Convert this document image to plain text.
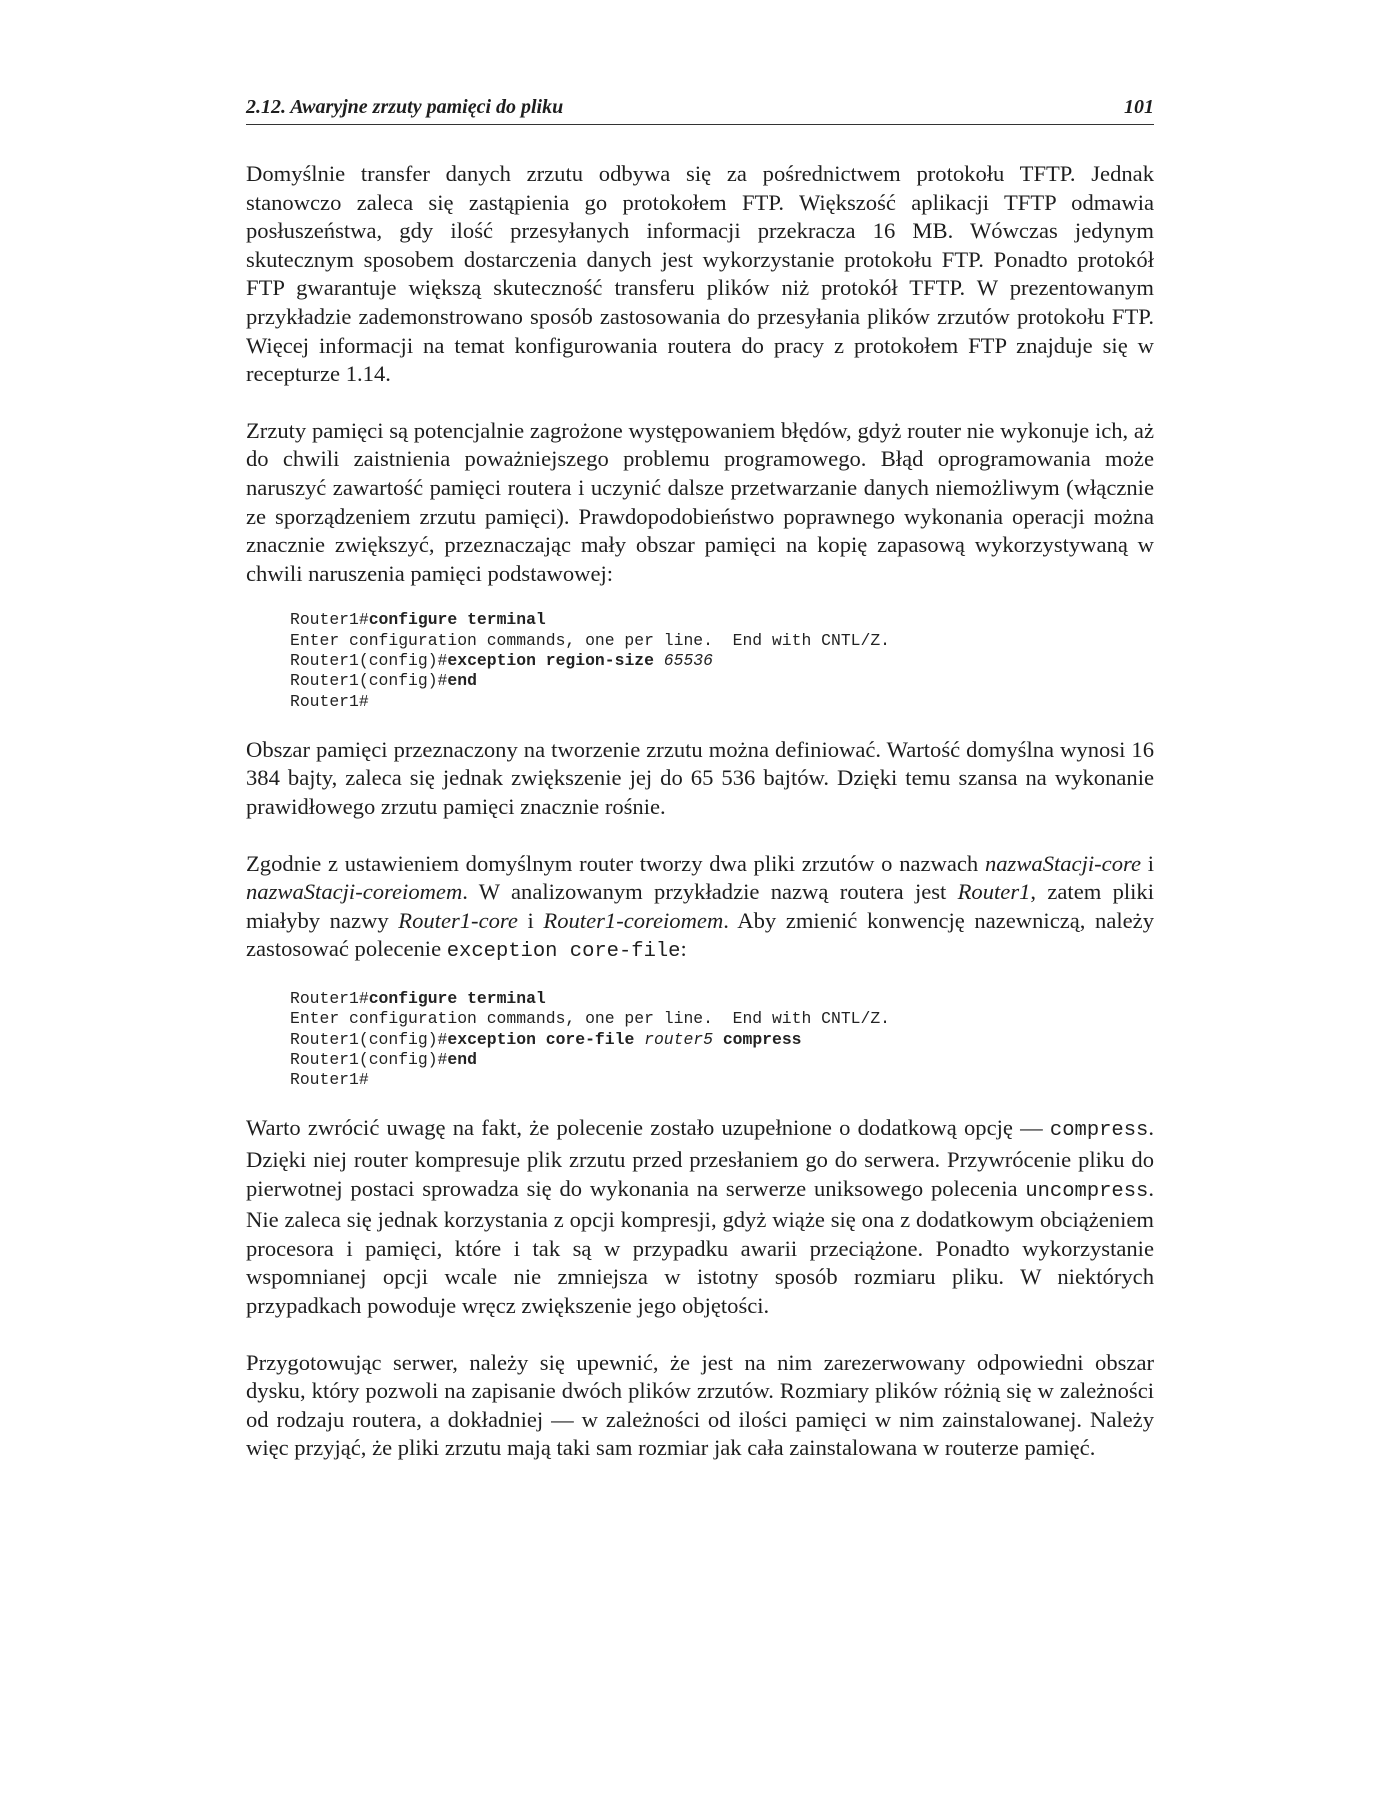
2.12. Awaryjne zrzuty pamięci do pliku	101

Domyślnie transfer danych zrzutu odbywa się za pośrednictwem protokołu TFTP. Jednak stanowczo zaleca się zastąpienia go protokołem FTP. Większość aplikacji TFTP odmawia posłuszeństwa, gdy ilość przesyłanych informacji przekracza 16 MB. Wówczas jedynym skutecznym sposobem dostarczenia danych jest wykorzystanie protokołu FTP. Ponadto protokół FTP gwarantuje większą skuteczność transferu plików niż protokół TFTP. W prezentowanym przykładzie zademonstrowano sposób zastosowania do przesyłania plików zrzutów protokołu FTP. Więcej informacji na temat konfigurowania routera do pracy z protokołem FTP znajduje się w recepturze 1.14.

Zrzuty pamięci są potencjalnie zagrożone występowaniem błędów, gdyż router nie wykonuje ich, aż do chwili zaistnienia poważniejszego problemu programowego. Błąd oprogramowania może naruszyć zawartość pamięci routera i uczynić dalsze przetwarzanie danych niemożliwym (włącznie ze sporządzeniem zrzutu pamięci). Prawdopodobieństwo poprawnego wykonania operacji można znacznie zwiększyć, przeznaczając mały obszar pamięci na kopię zapasową wykorzystywaną w chwili naruszenia pamięci podstawowej:

Router1#configure terminal
Enter configuration commands, one per line.  End with CNTL/Z.
Router1(config)#exception region-size 65536
Router1(config)#end
Router1#

Obszar pamięci przeznaczony na tworzenie zrzutu można definiować. Wartość domyślna wynosi 16 384 bajty, zaleca się jednak zwiększenie jej do 65 536 bajtów. Dzięki temu szansa na wykonanie prawidłowego zrzutu pamięci znacznie rośnie.

Zgodnie z ustawieniem domyślnym router tworzy dwa pliki zrzutów o nazwach nazwaStacji-core i nazwaStacji-coreiomem. W analizowanym przykładzie nazwą routera jest Router1, zatem pliki miałyby nazwy Router1-core i Router1-coreiomem. Aby zmienić konwencję nazewniczą, należy zastosować polecenie exception core-file:

Router1#configure terminal
Enter configuration commands, one per line.  End with CNTL/Z.
Router1(config)#exception core-file router5 compress
Router1(config)#end
Router1#

Warto zwrócić uwagę na fakt, że polecenie zostało uzupełnione o dodatkową opcję — compress. Dzięki niej router kompresuje plik zrzutu przed przesłaniem go do serwera. Przywrócenie pliku do pierwotnej postaci sprowadza się do wykonania na serwerze uniksowego polecenia uncompress. Nie zaleca się jednak korzystania z opcji kompresji, gdyż wiąże się ona z dodatkowym obciążeniem procesora i pamięci, które i tak są w przypadku awarii przeciążone. Ponadto wykorzystanie wspomnianej opcji wcale nie zmniejsza w istotny sposób rozmiaru pliku. W niektórych przypadkach powoduje wręcz zwiększenie jego objętości.

Przygotowując serwer, należy się upewnić, że jest na nim zarezerwowany odpowiedni obszar dysku, który pozwoli na zapisanie dwóch plików zrzutów. Rozmiary plików różnią się w zależności od rodzaju routera, a dokładniej — w zależności od ilości pamięci w nim zainstalowanej. Należy więc przyjąć, że pliki zrzutu mają taki sam rozmiar jak cała zainstalowana w routerze pamięć.
